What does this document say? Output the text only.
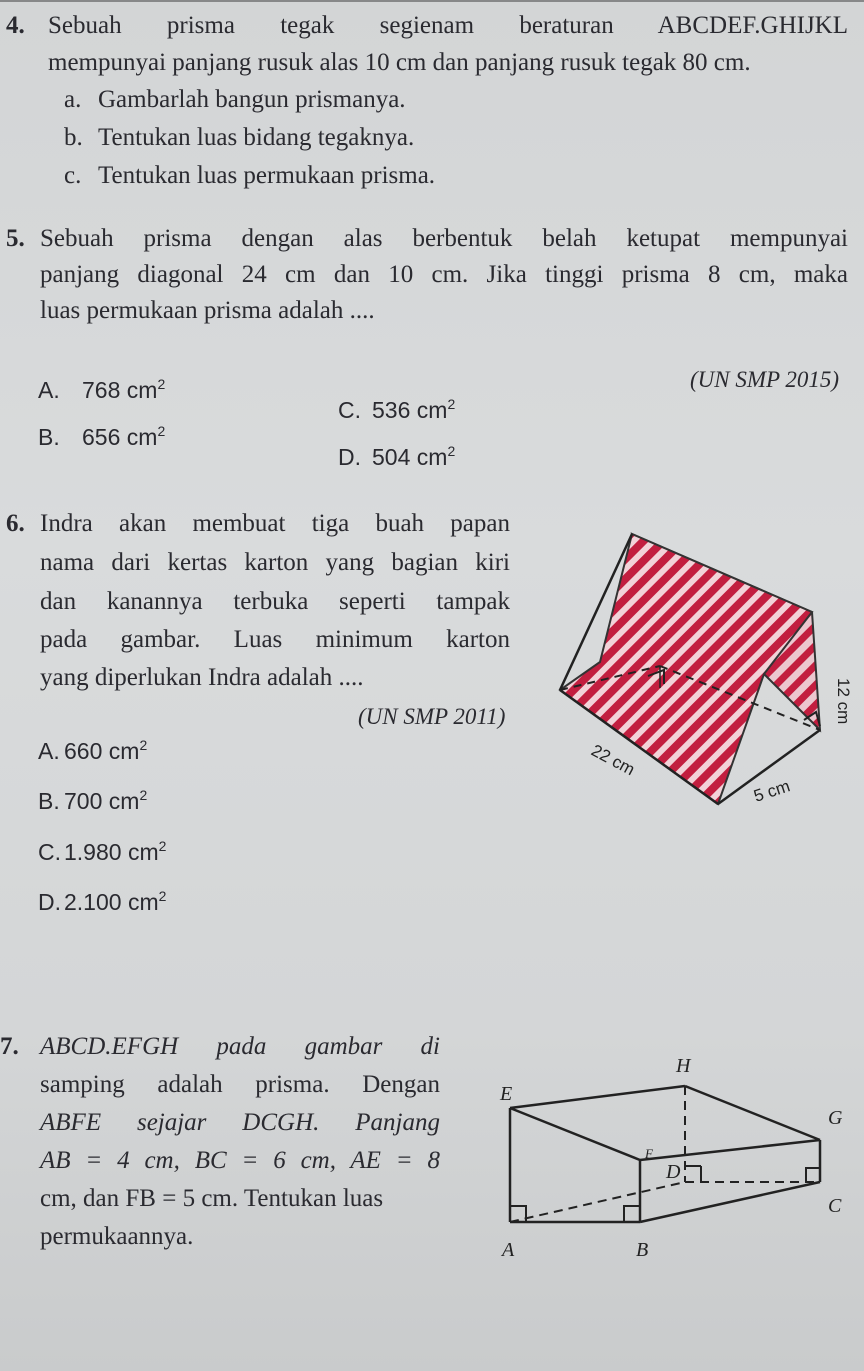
4. Sebuah prisma tegak segienam beraturan ABCDEF.GHIJKL
mempunyai panjang rusuk alas 10 cm dan panjang rusuk tegak 80 cm.
a. Gambarlah bangun prismanya.
b. Tentukan luas bidang tegaknya.
c. Tentukan luas permukaan prisma.
5. Sebuah prisma dengan alas berbentuk belah ketupat mempunyai
panjang diagonal 24 cm dan 10 cm. Jika tinggi prisma 8 cm, maka
luas permukaan prisma adalah ....
(UN SMP 2015)
A. 768 $cm^2$
B. 656 $cm^2$
C. 536 $cm^2$
D. 504 $cm^2$
6. Indra akan membuat tiga buah papan
nama dari kertas karton yang bagian kiri
dan kanannya terbuka seperti tampak
pada gambar. Luas minimum karton
yang diperlukan Indra adalah ....
(UN SMP 2011)
A. 660 $cm^2$
B. 700 $cm^2$
C. 1.980 $cm^2$
D. 2.100 $cm^2$
22 cm
5 cm
12 cm
7. ABCD.EFGH pada gambar di
samping adalah prisma. Dengan
ABFE sejajar DCGH. Panjang
AB = 4 cm, BC = 6 cm, AE = 8
cm, dan FB = 5 cm. Tentukan luas
permukaannya.
E
H
G
F
D
C
A	B
